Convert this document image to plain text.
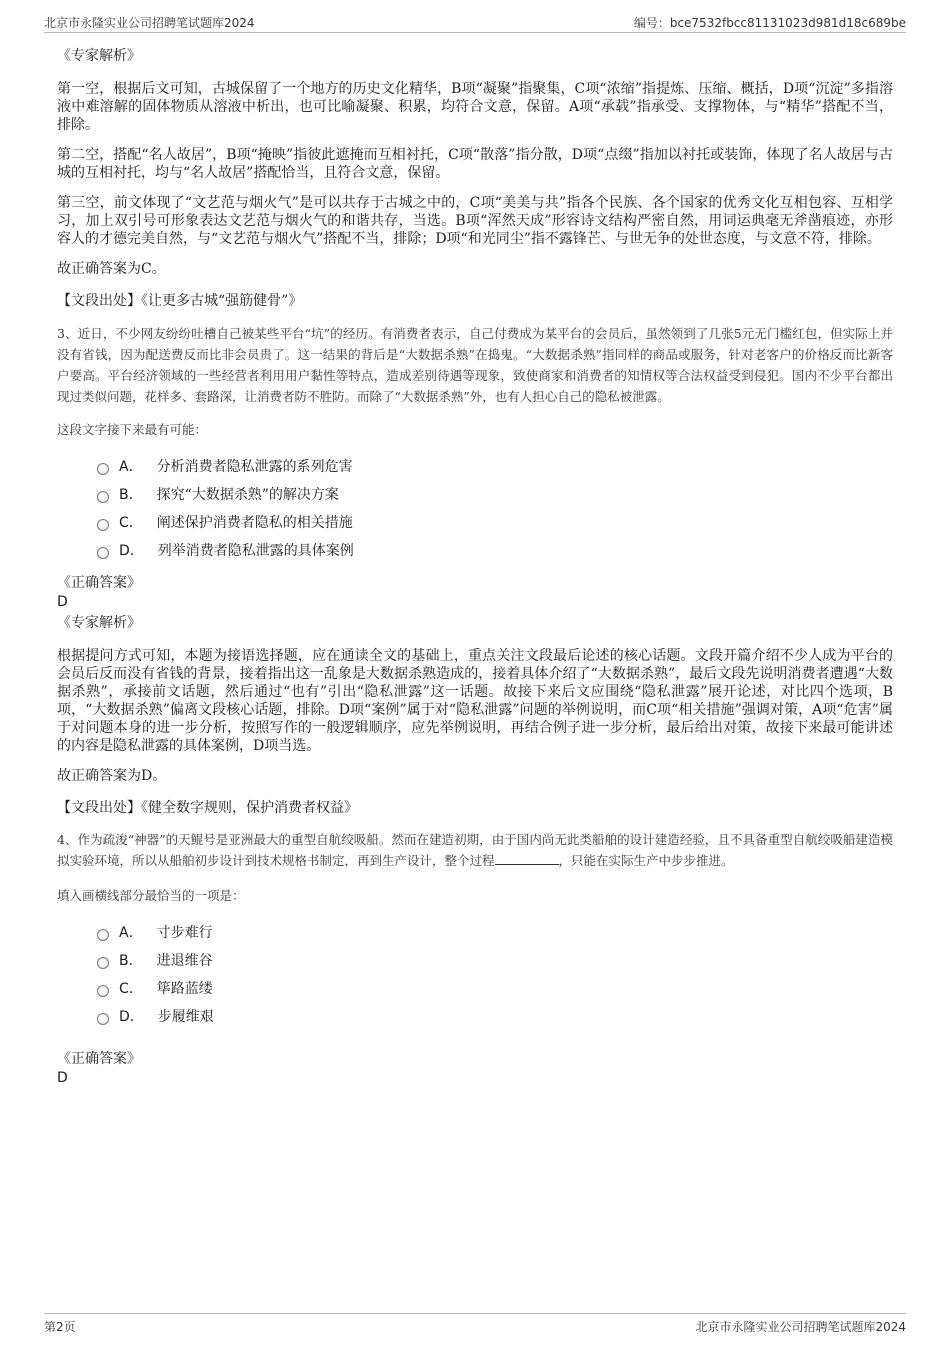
北京市永隆实业公司招聘笔试题库2024	编号：bce7532fbcc81131023d981d18c689be

《专家解析》

第一空，根据后文可知，古城保留了一个地方的历史文化精华，B项“凝聚”指聚集，C项“浓缩”指提炼、压缩、概括，D项“沉淀”多指溶液中难溶解的固体物质从溶液中析出，也可比喻凝聚、积累，均符合文意，保留。A项“承载”指承受、支撑物体，与“精华”搭配不当，排除。

第二空，搭配“名人故居”，B项“掩映”指彼此遮掩而互相衬托，C项“散落”指分散，D项“点缀”指加以衬托或装饰，体现了名人故居与古城的互相衬托，均与“名人故居”搭配恰当，且符合文意，保留。

第三空，前文体现了“文艺范与烟火气”是可以共存于古城之中的，C项“美美与共”指各个民族、各个国家的优秀文化互相包容、互相学习，加上双引号可形象表达文艺范与烟火气的和谐共存，当选。B项“浑然天成”形容诗文结构严密自然，用词运典毫无斧凿痕迹，亦形容人的才德完美自然，与“文艺范与烟火气”搭配不当，排除；D项“和光同尘”指不露锋芒、与世无争的处世态度，与文意不符，排除。

故正确答案为C。

【文段出处】《让更多古城“强筋健骨”》

3、近日，不少网友纷纷吐槽自己被某些平台“坑”的经历。有消费者表示，自己付费成为某平台的会员后，虽然领到了几张5元无门槛红包，但实际上并没有省钱，因为配送费反而比非会员贵了。这一结果的背后是“大数据杀熟”在捣鬼。“大数据杀熟”指同样的商品或服务，针对老客户的价格反而比新客户要高。平台经济领域的一些经营者利用用户黏性等特点，造成差别待遇等现象，致使商家和消费者的知情权等合法权益受到侵犯。国内不少平台都出现过类似问题，花样多、套路深，让消费者防不胜防。而除了“大数据杀熟”外，也有人担心自己的隐私被泄露。

这段文字接下来最有可能：

A． 分析消费者隐私泄露的系列危害
B． 探究“大数据杀熟”的解决方案
C． 阐述保护消费者隐私的相关措施
D． 列举消费者隐私泄露的具体案例

《正确答案》

D

《专家解析》

根据提问方式可知，本题为接语选择题，应在通读全文的基础上，重点关注文段最后论述的核心话题。文段开篇介绍不少人成为平台的会员后反而没有省钱的背景，接着指出这一乱象是大数据杀熟造成的，接着具体介绍了“大数据杀熟”，最后文段先说明消费者遭遇“大数据杀熟”，承接前文话题，然后通过“也有”引出“隐私泄露”这一话题。故接下来后文应围绕“隐私泄露”展开论述，对比四个选项，B项，“大数据杀熟”偏离文段核心话题，排除。D项“案例”属于对“隐私泄露”问题的举例说明，而C项“相关措施”强调对策，A项“危害”属于对问题本身的进一步分析，按照写作的一般逻辑顺序，应先举例说明，再结合例子进一步分析，最后给出对策，故接下来最可能讲述的内容是隐私泄露的具体案例，D项当选。

故正确答案为D。

【文段出处】《健全数字规则，保护消费者权益》

4、作为疏浚“神器”的天鲲号是亚洲最大的重型自航绞吸船。然而在建造初期，由于国内尚无此类船舶的设计建造经验，且不具备重型自航绞吸船建造模拟实验环境，所以从船舶初步设计到技术规格书制定，再到生产设计，整个过程	，只能在实际生产中步步推进。

填入画横线部分最恰当的一项是：

A． 寸步难行
B． 进退维谷
C． 筚路蓝缕
D． 步履维艰

《正确答案》

D

第2页	北京市永隆实业公司招聘笔试题库2024
